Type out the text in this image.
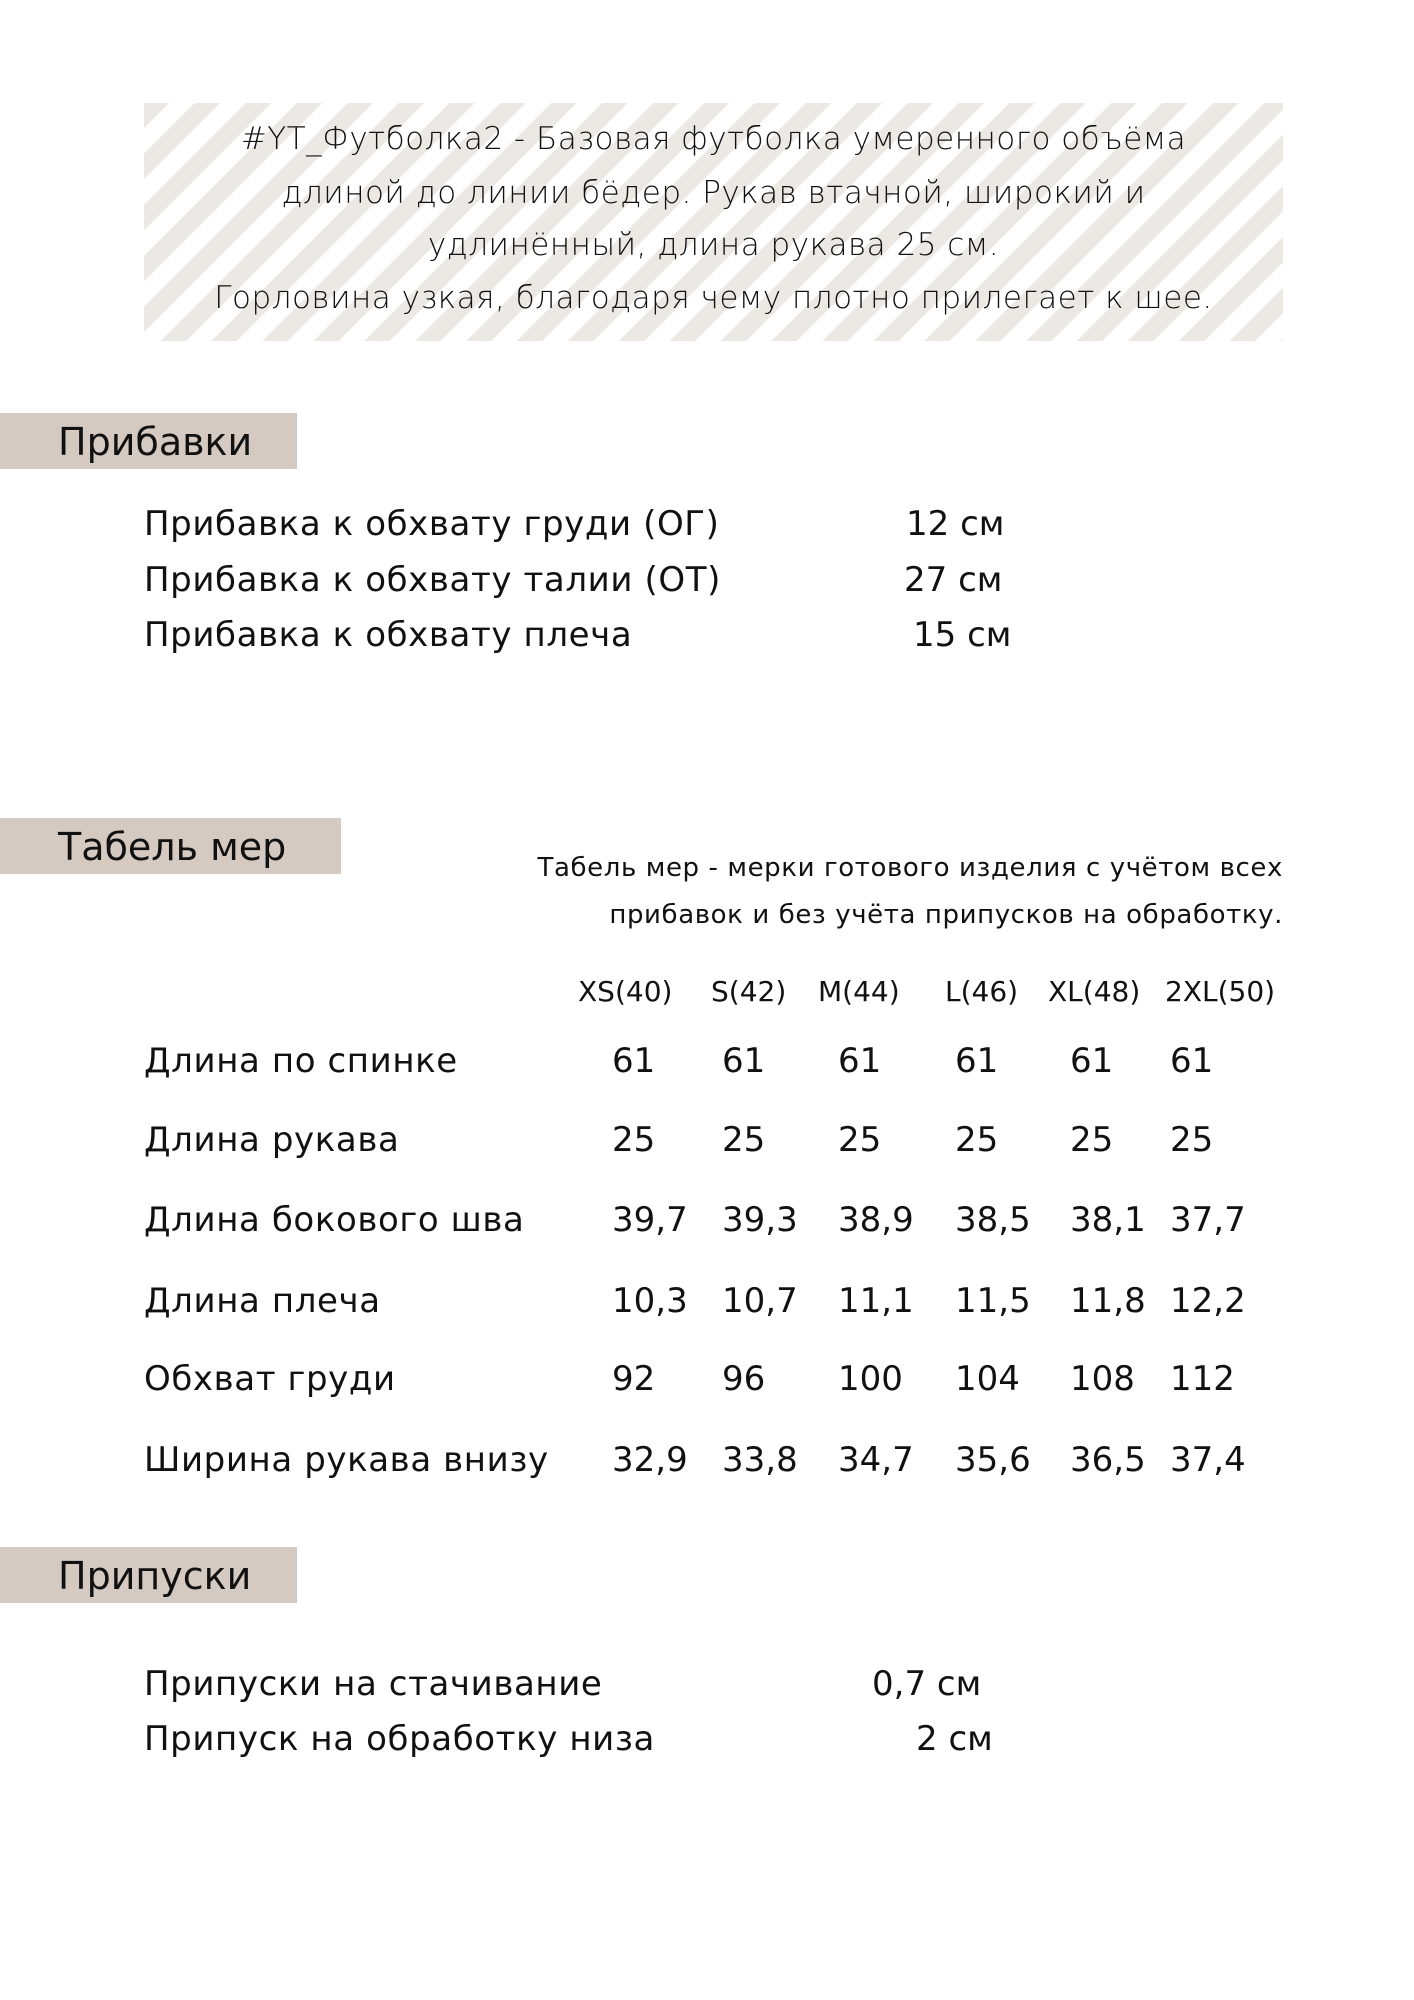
#YT_Футболка2 - Базовая футболка умеренного объёма
длиной до линии бёдер. Рукав втачной, широкий и
удлинённый, длина рукава 25 см.
Горловина узкая, благодаря чему плотно прилегает к шее.
Прибавки
Прибавка к обхвату груди (ОГ)	12 см
Прибавка к обхвату талии (ОТ)	27 см
Прибавка к обхвату плеча	15 см
Табель мер	Табель мер - мерки готового изделия с учётом всех
прибавок и без учёта припусков на обработку.
XS(40) S(42) M(44) L(46) XL(48) 2XL(50)
Длина по спинке	61 61 61 61 61 61
Длина рукава	25 25 25 25 25 25
Длина бокового шва	39,7 39,3 38,9 38,5 38,1 37,7
Длина плеча	10,3 10,7 11,1 11,5 11,8 12,2
Обхват груди	92 96 100 104 108 112
Ширина рукава внизу 32,9 33,8 34,7 35,6 36,5 37,4
Припуски
Припуски на стачивание	0,7 см
Припуск на обработку низа	2 см
